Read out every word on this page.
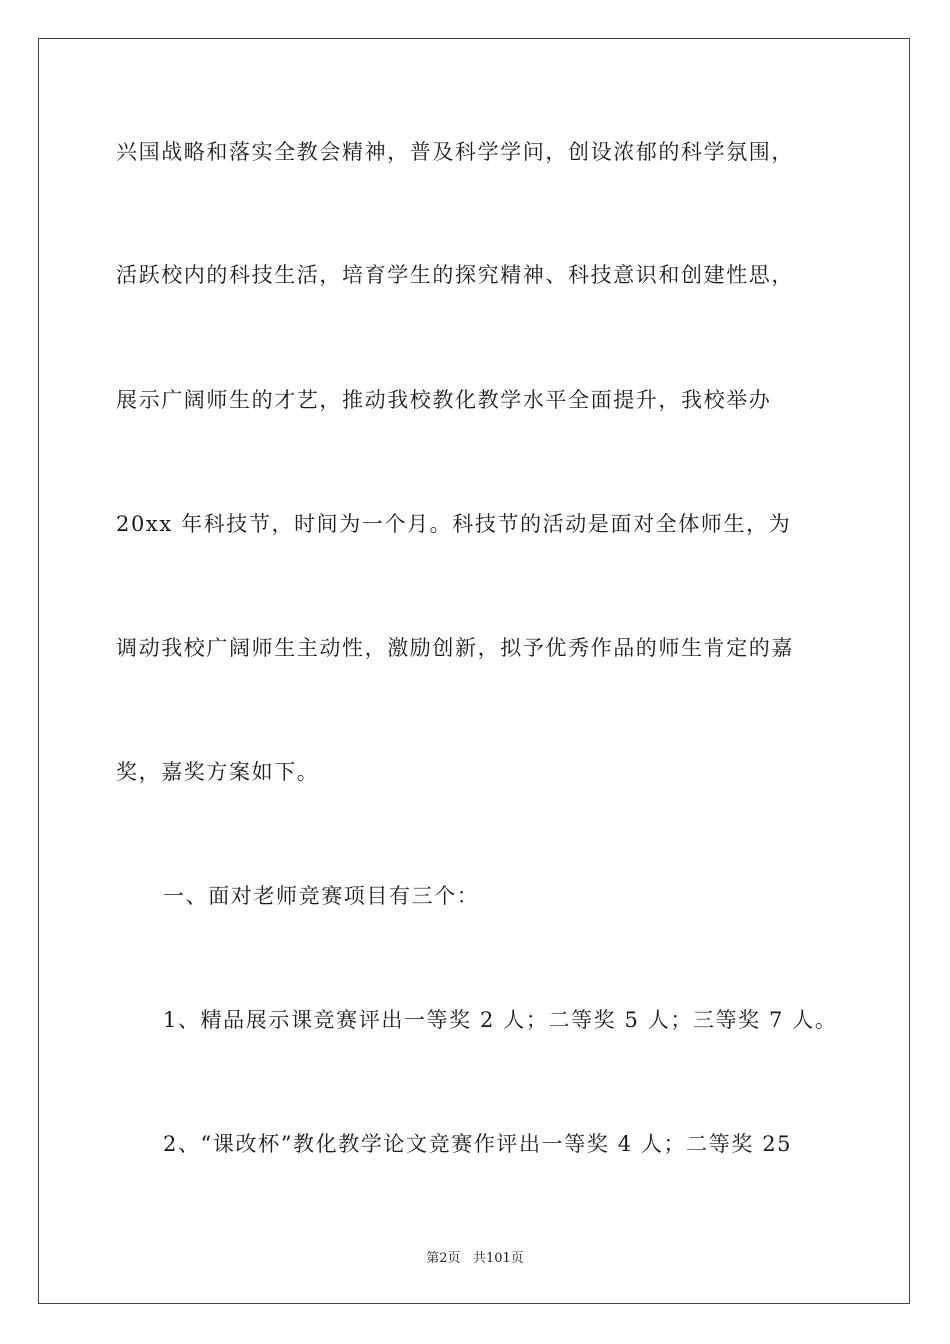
兴国战略和落实全教会精神，普及科学学问，创设浓郁的科学氛围，
活跃校内的科技生活，培育学生的探究精神、科技意识和创建性思，
展示广阔师生的才艺，推动我校教化教学水平全面提升，我校举办
20xx 年科技节，时间为一个月。科技节的活动是面对全体师生，为
调动我校广阔师生主动性，激励创新，拟予优秀作品的师生肯定的嘉
奖，嘉奖方案如下。
一、面对老师竞赛项目有三个：
1、精品展示课竞赛评出一等奖 2 人；二等奖 5 人；三等奖 7 人。
2、“课改杯”教化教学论文竞赛作评出一等奖 4 人；二等奖 25
第2页 共101页
